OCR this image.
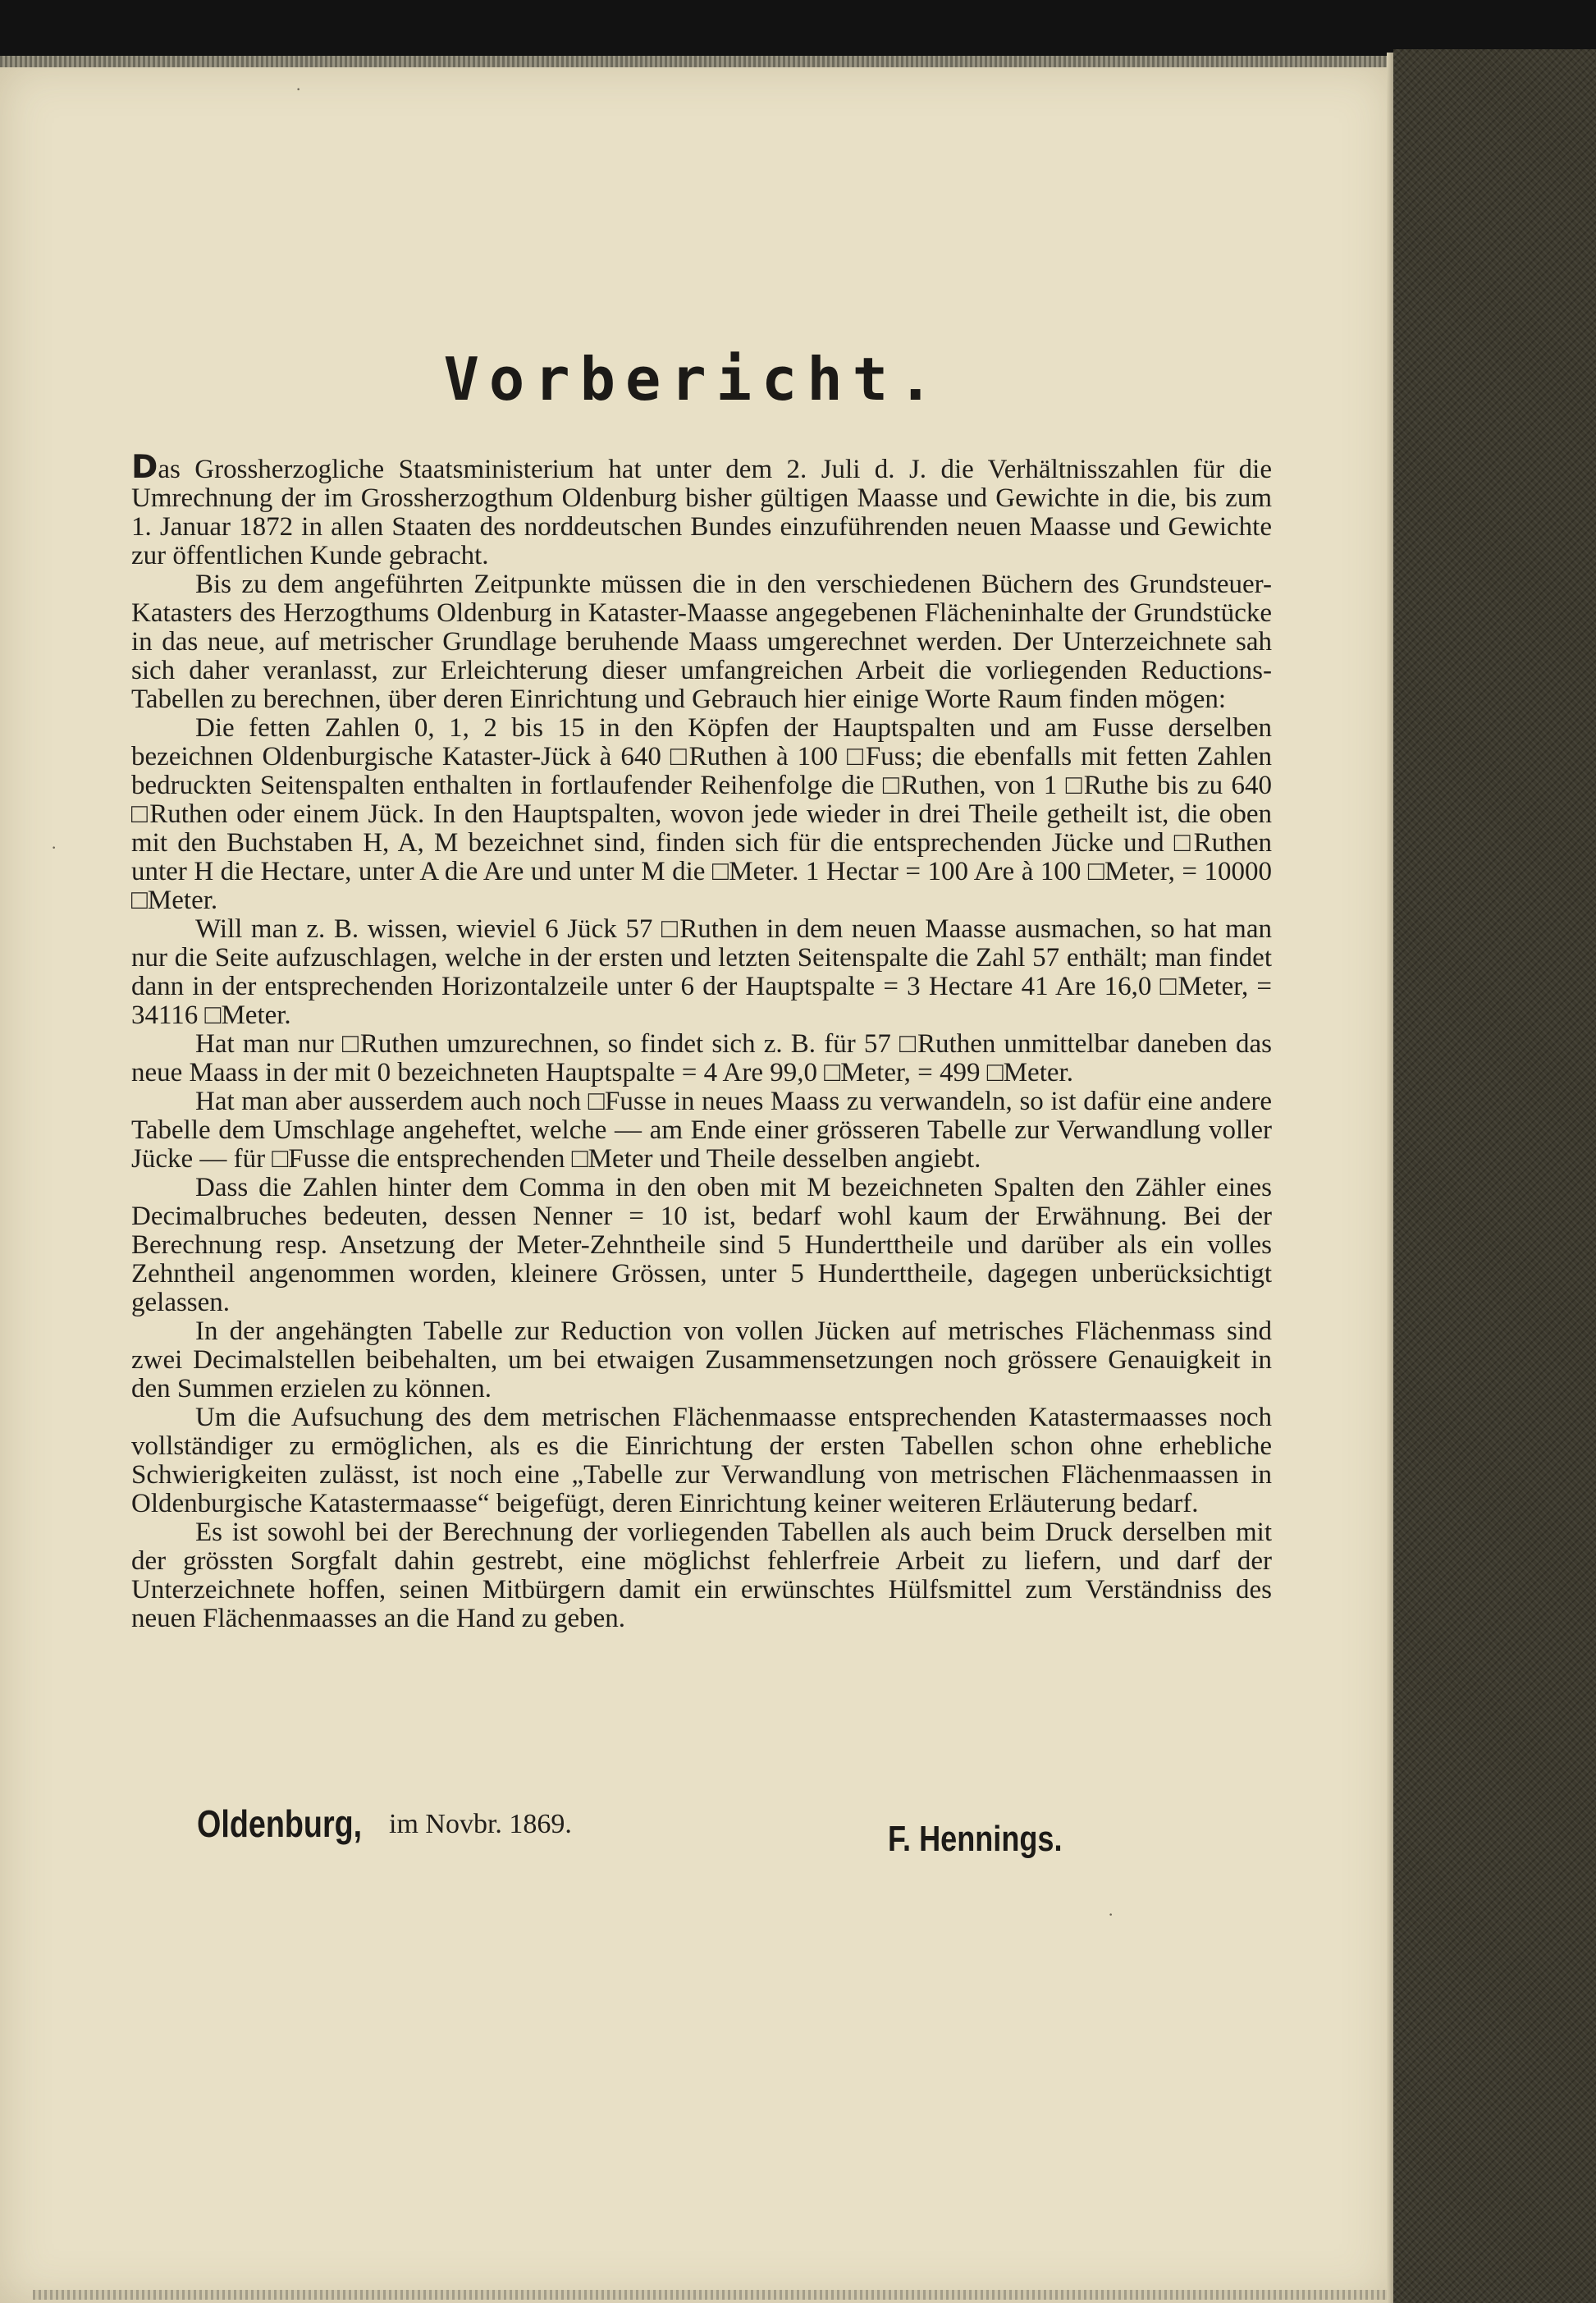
Vorbericht.

Das Grossherzogliche Staatsministerium hat unter dem 2. Juli d. J. die Verhältnisszahlen für die Umrechnung der im Grossherzogthum Oldenburg bisher gültigen Maasse und Gewichte in die, bis zum 1. Januar 1872 in allen Staaten des norddeutschen Bundes einzuführenden neuen Maasse und Gewichte zur öffentlichen Kunde gebracht.

Bis zu dem angeführten Zeitpunkte müssen die in den verschiedenen Büchern des Grundsteuer-Katasters des Herzogthums Oldenburg in Kataster-Maasse angegebenen Flächeninhalte der Grundstücke in das neue, auf metrischer Grundlage beruhende Maass umgerechnet werden. Der Unterzeichnete sah sich daher veranlasst, zur Erleichterung dieser umfangreichen Arbeit die vorliegenden Reductions-Tabellen zu berechnen, über deren Einrichtung und Gebrauch hier einige Worte Raum finden mögen:

Die fetten Zahlen 0, 1, 2 bis 15 in den Köpfen der Hauptspalten und am Fusse derselben bezeichnen Oldenburgische Kataster-Jück à 640 □Ruthen à 100 □Fuss; die ebenfalls mit fetten Zahlen bedruckten Seitenspalten enthalten in fortlaufender Reihenfolge die □Ruthen, von 1 □Ruthe bis zu 640 □Ruthen oder einem Jück. In den Hauptspalten, wovon jede wieder in drei Theile getheilt ist, die oben mit den Buchstaben H, A, M bezeichnet sind, finden sich für die entsprechenden Jücke und □Ruthen unter H die Hectare, unter A die Are und unter M die □Meter. 1 Hectar = 100 Are à 100 □Meter, = 10000 □Meter.

Will man z. B. wissen, wieviel 6 Jück 57 □Ruthen in dem neuen Maasse ausmachen, so hat man nur die Seite aufzuschlagen, welche in der ersten und letzten Seitenspalte die Zahl 57 enthält; man findet dann in der entsprechenden Horizontalzeile unter 6 der Hauptspalte = 3 Hectare 41 Are 16,0 □Meter, = 34116 □Meter.

Hat man nur □Ruthen umzurechnen, so findet sich z. B. für 57 □Ruthen unmittelbar daneben das neue Maass in der mit 0 bezeichneten Hauptspalte = 4 Are 99,0 □Meter, = 499 □Meter.

Hat man aber ausserdem auch noch □Fusse in neues Maass zu verwandeln, so ist dafür eine andere Tabelle dem Umschlage angeheftet, welche — am Ende einer grösseren Tabelle zur Verwandlung voller Jücke — für □Fusse die entsprechenden □Meter und Theile desselben angiebt.

Dass die Zahlen hinter dem Comma in den oben mit M bezeichneten Spalten den Zähler eines Decimalbruches bedeuten, dessen Nenner = 10 ist, bedarf wohl kaum der Erwähnung. Bei der Berechnung resp. Ansetzung der Meter-Zehntheile sind 5 Hunderttheile und darüber als ein volles Zehntheil angenommen worden, kleinere Grössen, unter 5 Hunderttheile, dagegen unberücksichtigt gelassen.

In der angehängten Tabelle zur Reduction von vollen Jücken auf metrisches Flächenmass sind zwei Decimalstellen beibehalten, um bei etwaigen Zusammensetzungen noch grössere Genauigkeit in den Summen erzielen zu können.

Um die Aufsuchung des dem metrischen Flächenmaasse entsprechenden Katastermaasses noch vollständiger zu ermöglichen, als es die Einrichtung der ersten Tabellen schon ohne erhebliche Schwierigkeiten zulässt, ist noch eine „Tabelle zur Verwandlung von metrischen Flächenmaassen in Oldenburgische Katastermaasse“ beigefügt, deren Einrichtung keiner weiteren Erläuterung bedarf.

Es ist sowohl bei der Berechnung der vorliegenden Tabellen als auch beim Druck derselben mit der grössten Sorgfalt dahin gestrebt, eine möglichst fehlerfreie Arbeit zu liefern, und darf der Unterzeichnete hoffen, seinen Mitbürgern damit ein erwünschtes Hülfsmittel zum Verständniss des neuen Flächenmaasses an die Hand zu geben.

Oldenburg, im Novbr. 1869.	F. Hennings.
·
·
·
